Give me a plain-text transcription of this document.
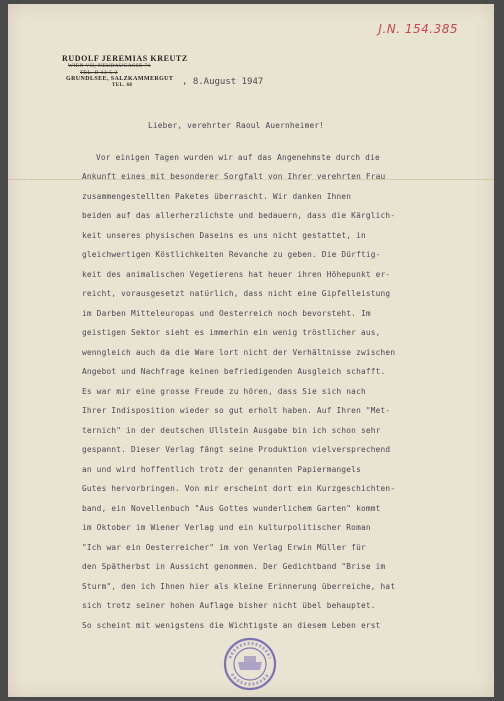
J.N. 154.385
RUDOLF JEREMIAS KREUTZ
WIEN VII, NEUBAUGASSE 71
TEL. B 33-5-2
GRUNDLSEE, SALZKAMMERGUT
TEL. 68	, 8.August 1947
Lieber, verehrter Raoul Auernheimer!
Vor einigen Tagen wurden wir auf das Angenehmste durch die
Ankunft eines mit besonderer Sorgfalt von Ihrer verehrten Frau
zusammengestellten Paketes überrascht. Wir danken Ihnen
beiden auf das allerherzlichste und bedauern, dass die Kärglich-
keit unseres physischen Daseins es uns nicht gestattet, in
gleichwertigen Köstlichkeiten Revanche zu geben. Die Dürftig-
keit des animalischen Vegetierens hat heuer ihren Höhepunkt er-
reicht, vorausgesetzt natürlich, dass nicht eine Gipfelleistung
im Darben Mitteleuropas und Oesterreich noch bevorsteht. Im
geistigen Sektor sieht es immerhin ein wenig tröstlicher aus,
wenngleich auch da die Ware lort nicht der Verhältnisse zwischen
Angebot und Nachfrage keinen befriedigenden Ausgleich schafft.
Es war mir eine grosse Freude zu hören, dass Sie sich nach
Ihrer Indisposition wieder so gut erholt haben. Auf Ihren "Met-
ternich" in der deutschen Ullstein Ausgabe bin ich schon sehr
gespannt. Dieser Verlag fängt seine Produktion vielversprechend
an und wird hoffentlich trotz der genannten Papiermangels
Gutes hervorbringen. Von mir erscheint dort ein Kurzgeschichten-
band, ein Novellenbuch "Aus Gottes wunderlichem Garten" kommt
im Oktober im Wiener Verlag und ein kulturpolitischer Roman
"Ich war ein Oesterreicher" im von Verlag Erwin Müller für
den Spätherbst in Aussicht genommen. Der Gedichtband "Brise im
Sturm", den ich Ihnen hier als kleine Erinnerung überreiche, hat
sich trotz seiner hohen Auflage bisher nicht übel behauptet.
So scheint mit wenigstens die Wichtigste an diesem Leben erst
